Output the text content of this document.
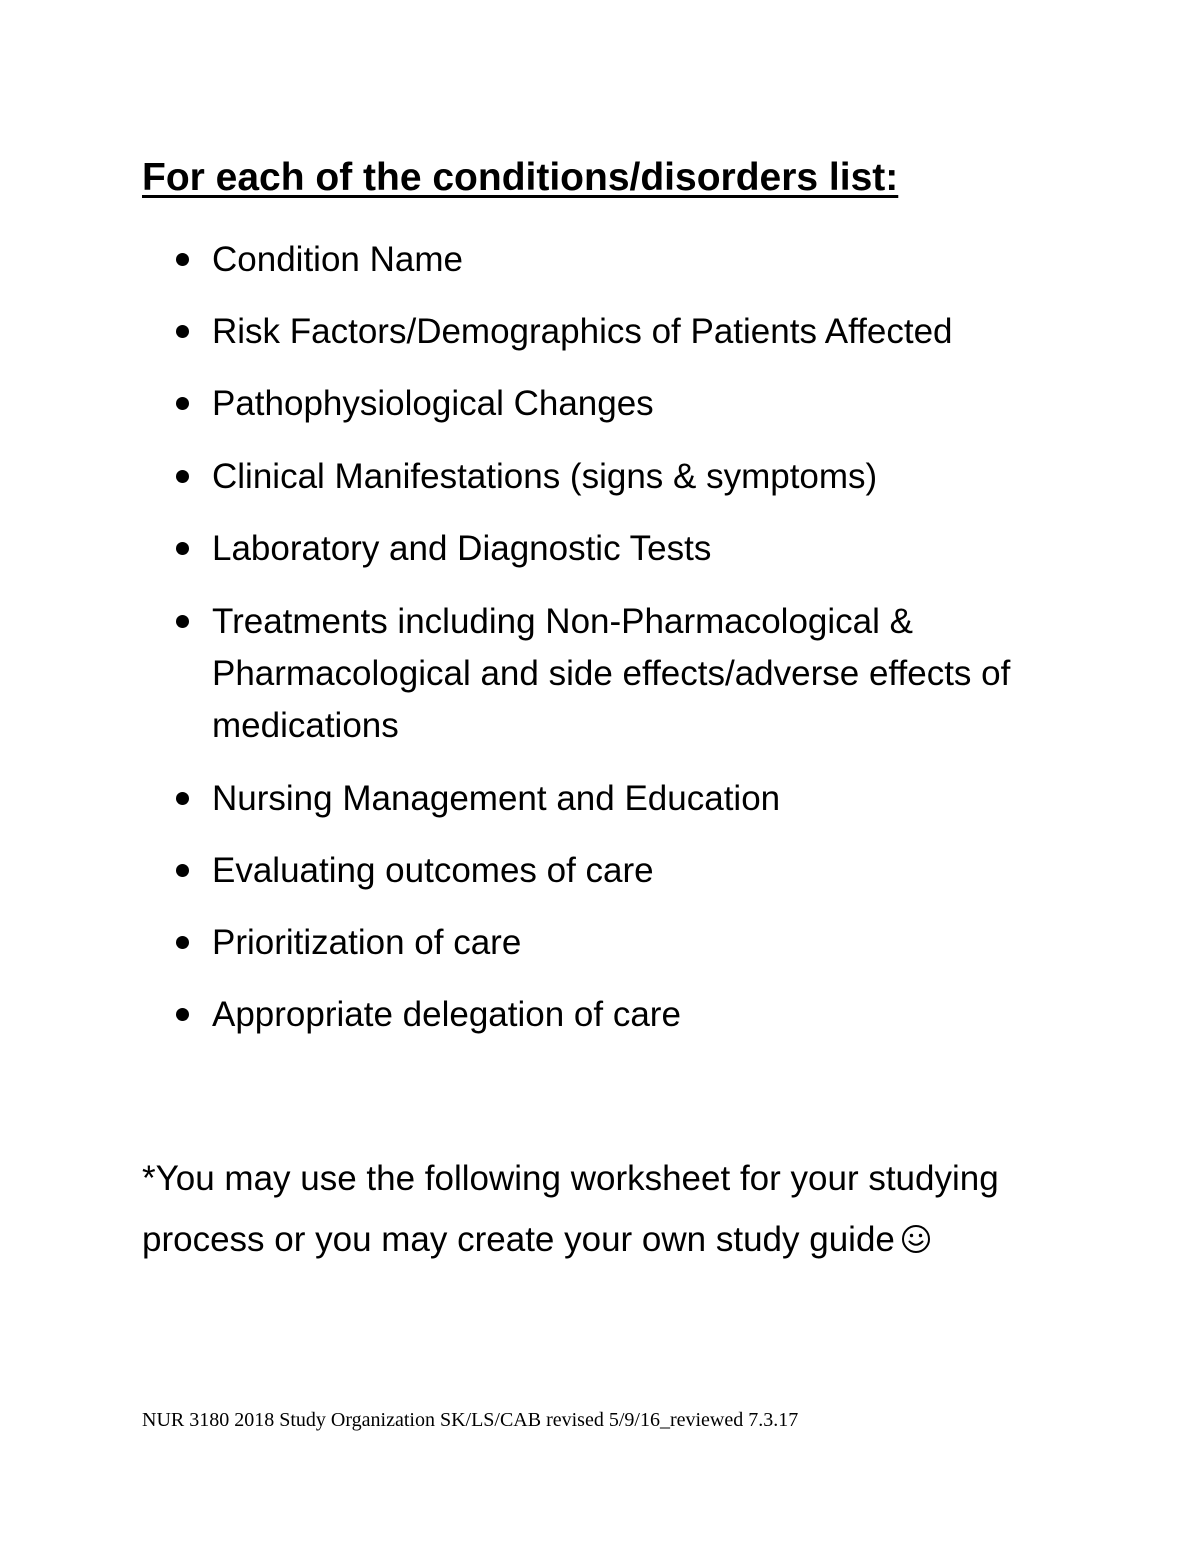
For each of the conditions/disorders list:
Condition Name
Risk Factors/Demographics of Patients Affected
Pathophysiological Changes
Clinical Manifestations (signs & symptoms)
Laboratory and Diagnostic Tests
Treatments including Non-Pharmacological & Pharmacological and side effects/adverse effects of medications
Nursing Management and Education
Evaluating outcomes of care
Prioritization of care
Appropriate delegation of care

*You may use the following worksheet for your studying process or you may create your own study guide

NUR 3180 2018 Study Organization SK/LS/CAB revised 5/9/16_reviewed 7.3.17
